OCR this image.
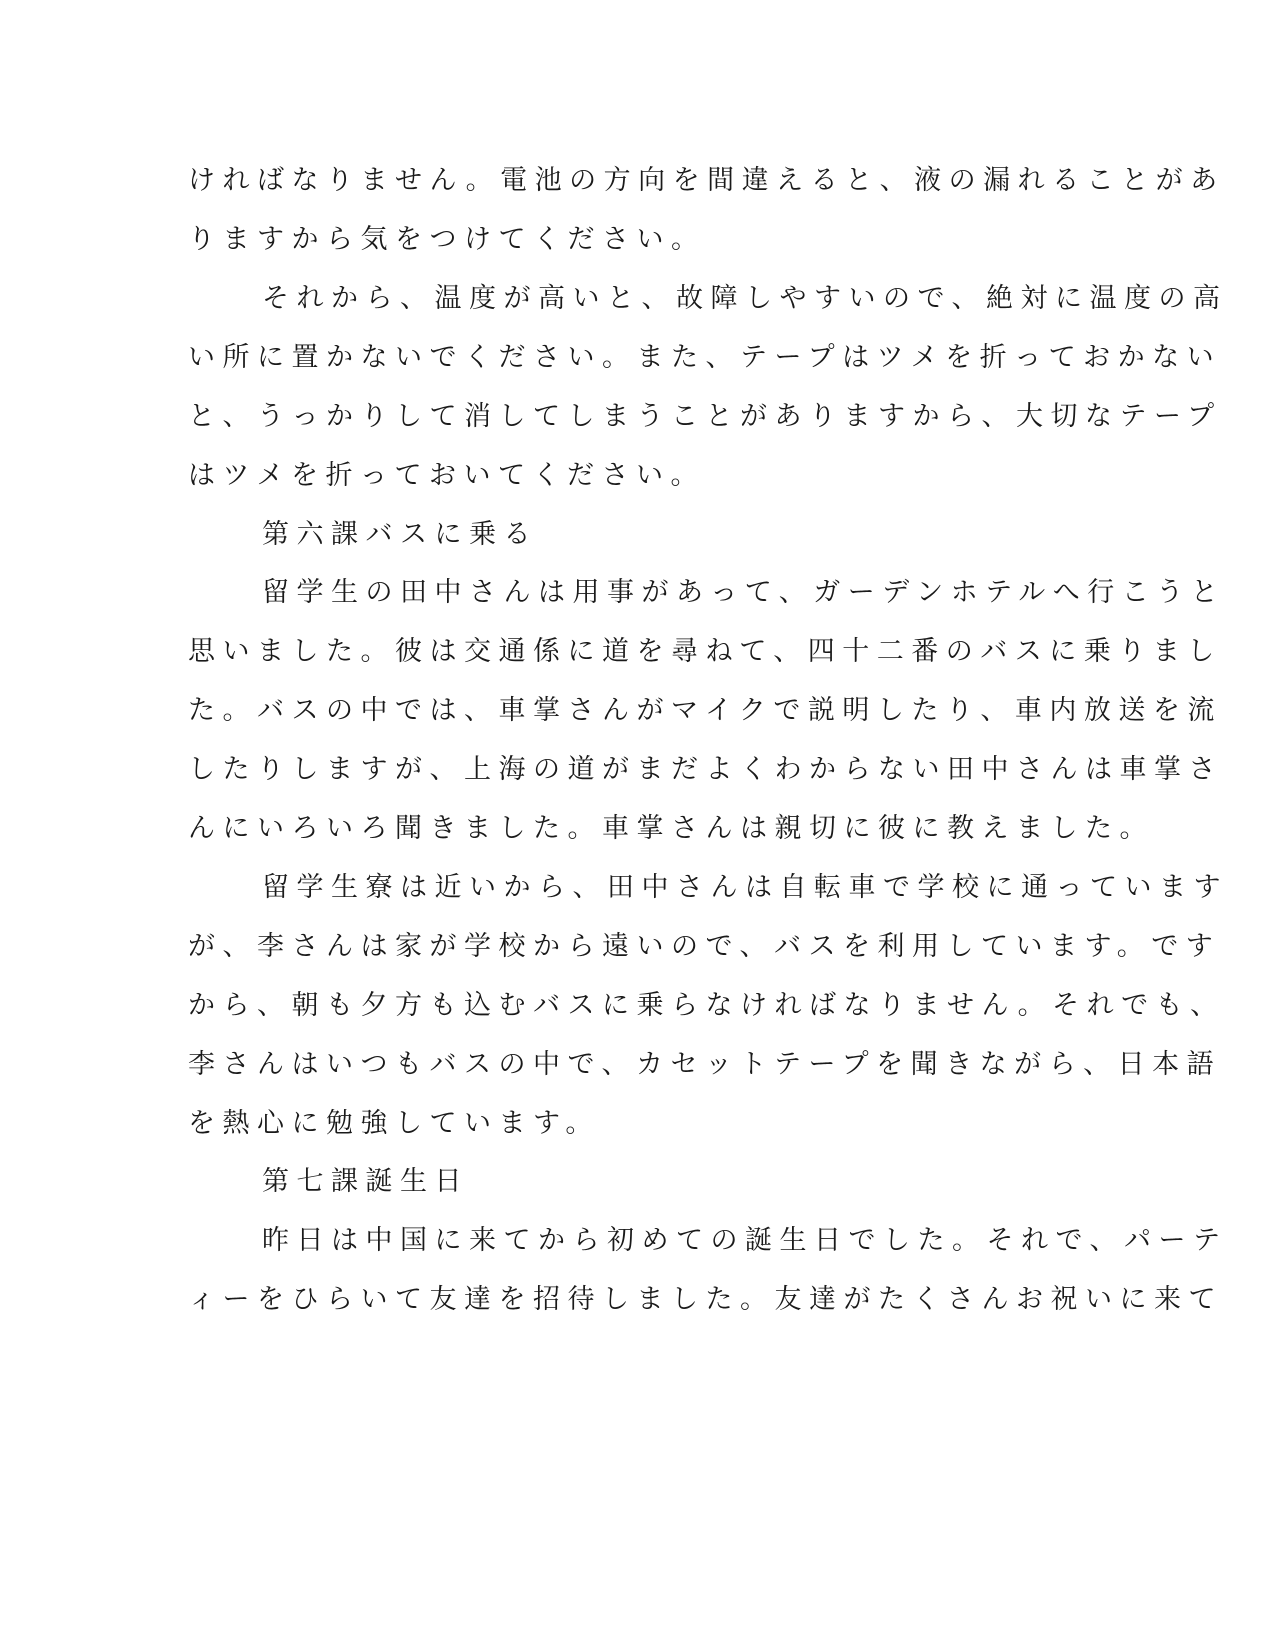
ければなりません。電池の方向を間違えると、液の漏れることがあ
りますから気をつけてください。
それから、温度が高いと、故障しやすいので、絶対に温度の高
い所に置かないでください。また、テープはツメを折っておかない
と、うっかりして消してしまうことがありますから、大切なテープ
はツメを折っておいてください。
第六課バスに乗る
留学生の田中さんは用事があって、ガーデンホテルへ行こうと
思いました。彼は交通係に道を尋ねて、四十二番のバスに乗りまし
た。バスの中では、車掌さんがマイクで説明したり、車内放送を流
したりしますが、上海の道がまだよくわからない田中さんは車掌さ
んにいろいろ聞きました。車掌さんは親切に彼に教えました。
留学生寮は近いから、田中さんは自転車で学校に通っています
が、李さんは家が学校から遠いので、バスを利用しています。です
から、朝も夕方も込むバスに乗らなければなりません。それでも、
李さんはいつもバスの中で、カセットテープを聞きながら、日本語
を熱心に勉強しています。
第七課誕生日
昨日は中国に来てから初めての誕生日でした。それで、パーテ
ィーをひらいて友達を招待しました。友達がたくさんお祝いに来て
